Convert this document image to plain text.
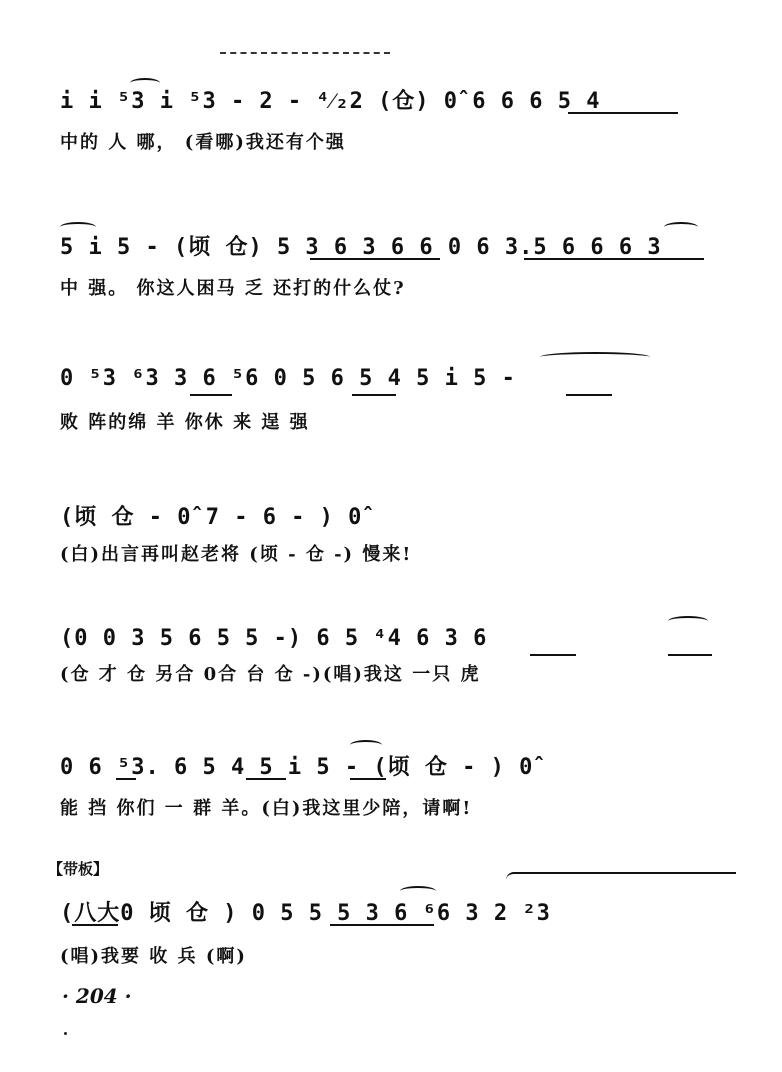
i i ⁵3 i ⁵3 - 2 - ⁴⁄₂2 (仓) 0̂ 6 6 6 5 4
中的 人 哪， (看哪)我还有个强
5 i 5 - (顷 仓) 5 3 6 3 6 6 0 6 3.5 6 6 6 3
中 强。 你这人困马 乏 还打的什么仗?
0 ⁵3 ⁶3 3 6 ⁵6 0 5 6 5 4 5 i 5 -
败 阵的绵 羊 你休 来 逞 强
(顷 仓 - 0̂ 7 - 6 - ) 0̂
(白)出言再叫赵老将 (顷 - 仓 -) 慢来!
(0 0 3 5 6 5 5 -) 6 5 ⁴4 6 3 6
(仓 才 仓 另合 0合 台 仓 -)(唱)我这 一只 虎
0 6 ⁵3. 6 5 4 5 i 5 - (顷 仓 - ) 0̂
能 挡 你们 一 群 羊。(白)我这里少陪，请啊!
【带板】
(八大0 顷 仓 ) 0 5 5 5 3 6 ⁶6 3 2 ²3
(唱)我要 收 兵 (啊)
· 204 ·
